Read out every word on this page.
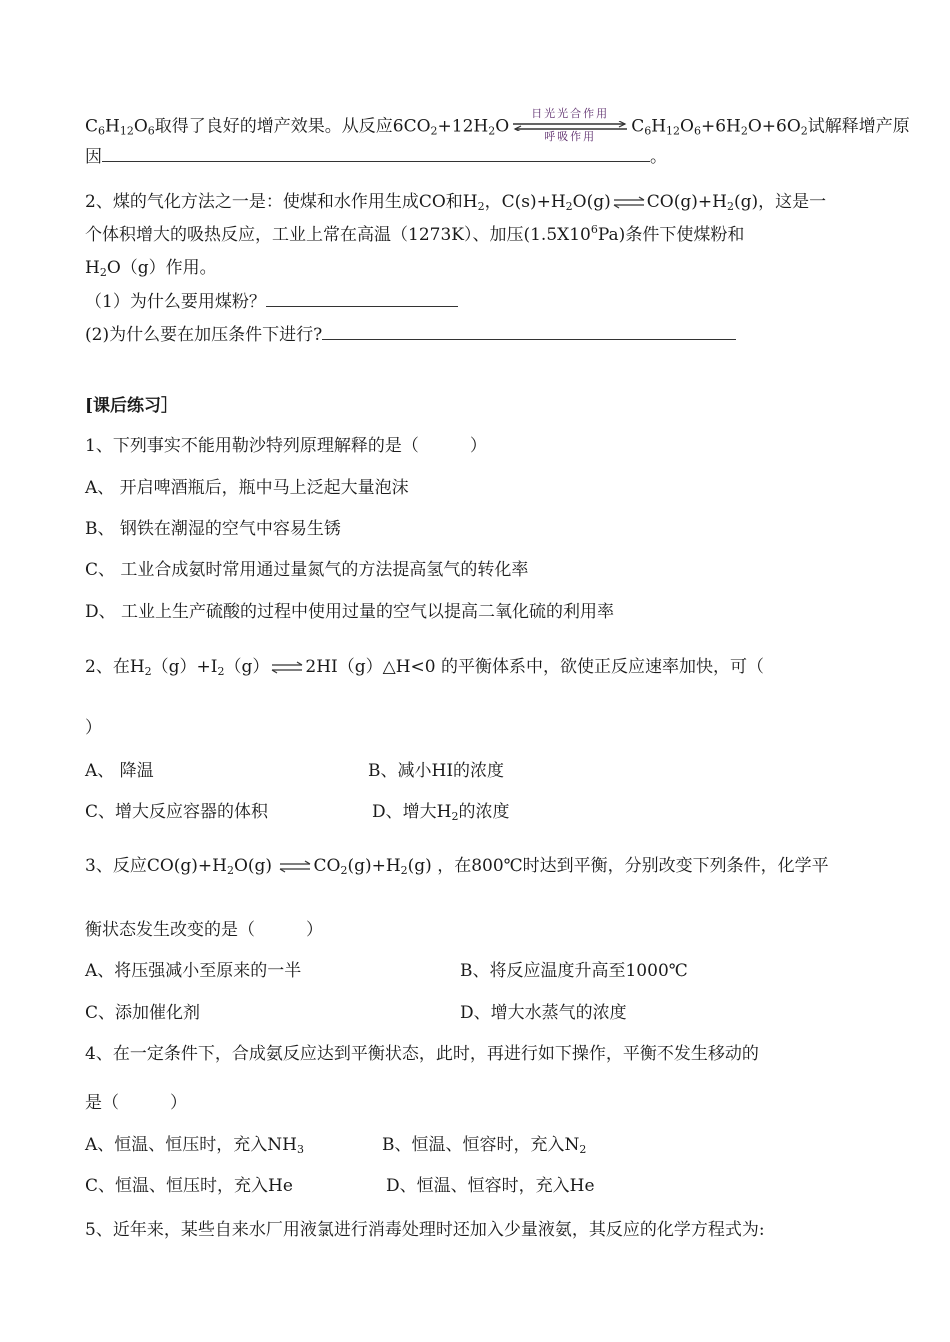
$C_6H_{12}O_6$取得了良好的增产效果。从反应$6CO_2+12H_2O$
日光光合作用
呼吸作用	$C_6H_{12}O_6+6H_2O+6O_2$试解释增产原
因	。
2、煤的气化方法之一是：使煤和水作用生成CO和$H_2$，$C(s)+H_2O(g)\rightleftharpoons CO(g)+H_2(g)$，这是一
个体积增大的吸热反应，工业上常在高温（1273K）、加压$(1.5X10^6Pa)$条件下使煤粉和
$H_2O(g)$作用。
（1）为什么要用煤粉？
(2)为什么要在加压条件下进行?
[课后练习］
1、下列事实不能用勒沙特列原理解释的是（　　　）
A、 开启啤酒瓶后，瓶中马上泛起大量泡沫
B、 钢铁在潮湿的空气中容易生锈
C、 工业合成氨时常用通过量氮气的方法提高氢气的转化率
D、 工业上生产硫酸的过程中使用过量的空气以提高二氧化硫的利用率
2、在$H_2(g)+I_2(g)\rightleftharpoons 2HI(g)\triangle H<0$ 的平衡体系中，欲使正反应速率加快，可（
）
A、 降温	B、减小HI的浓度
C、增大反应容器的体积	D、增大$H_2$的浓度
3、反应$CO(g)+H_2O(g)$ $\rightleftharpoons CO_2(g)+H_2(g)$ ，在800℃时达到平衡，分别改变下列条件，化学平
衡状态发生改变的是（　　　）
A、将压强减小至原来的一半	B、将反应温度升高至1000℃
C、添加催化剂	D、增大水蒸气的浓度
4、在一定条件下，合成氨反应达到平衡状态，此时，再进行如下操作，平衡不发生移动的
是（　　　）
A、恒温、恒压时，充入$NH_3$	B、恒温、恒容时，充入$N_2$
C、恒温、恒压时，充入He	D、恒温、恒容时，充入He
5、近年来，某些自来水厂用液氯进行消毒处理时还加入少量液氨，其反应的化学方程式为:
